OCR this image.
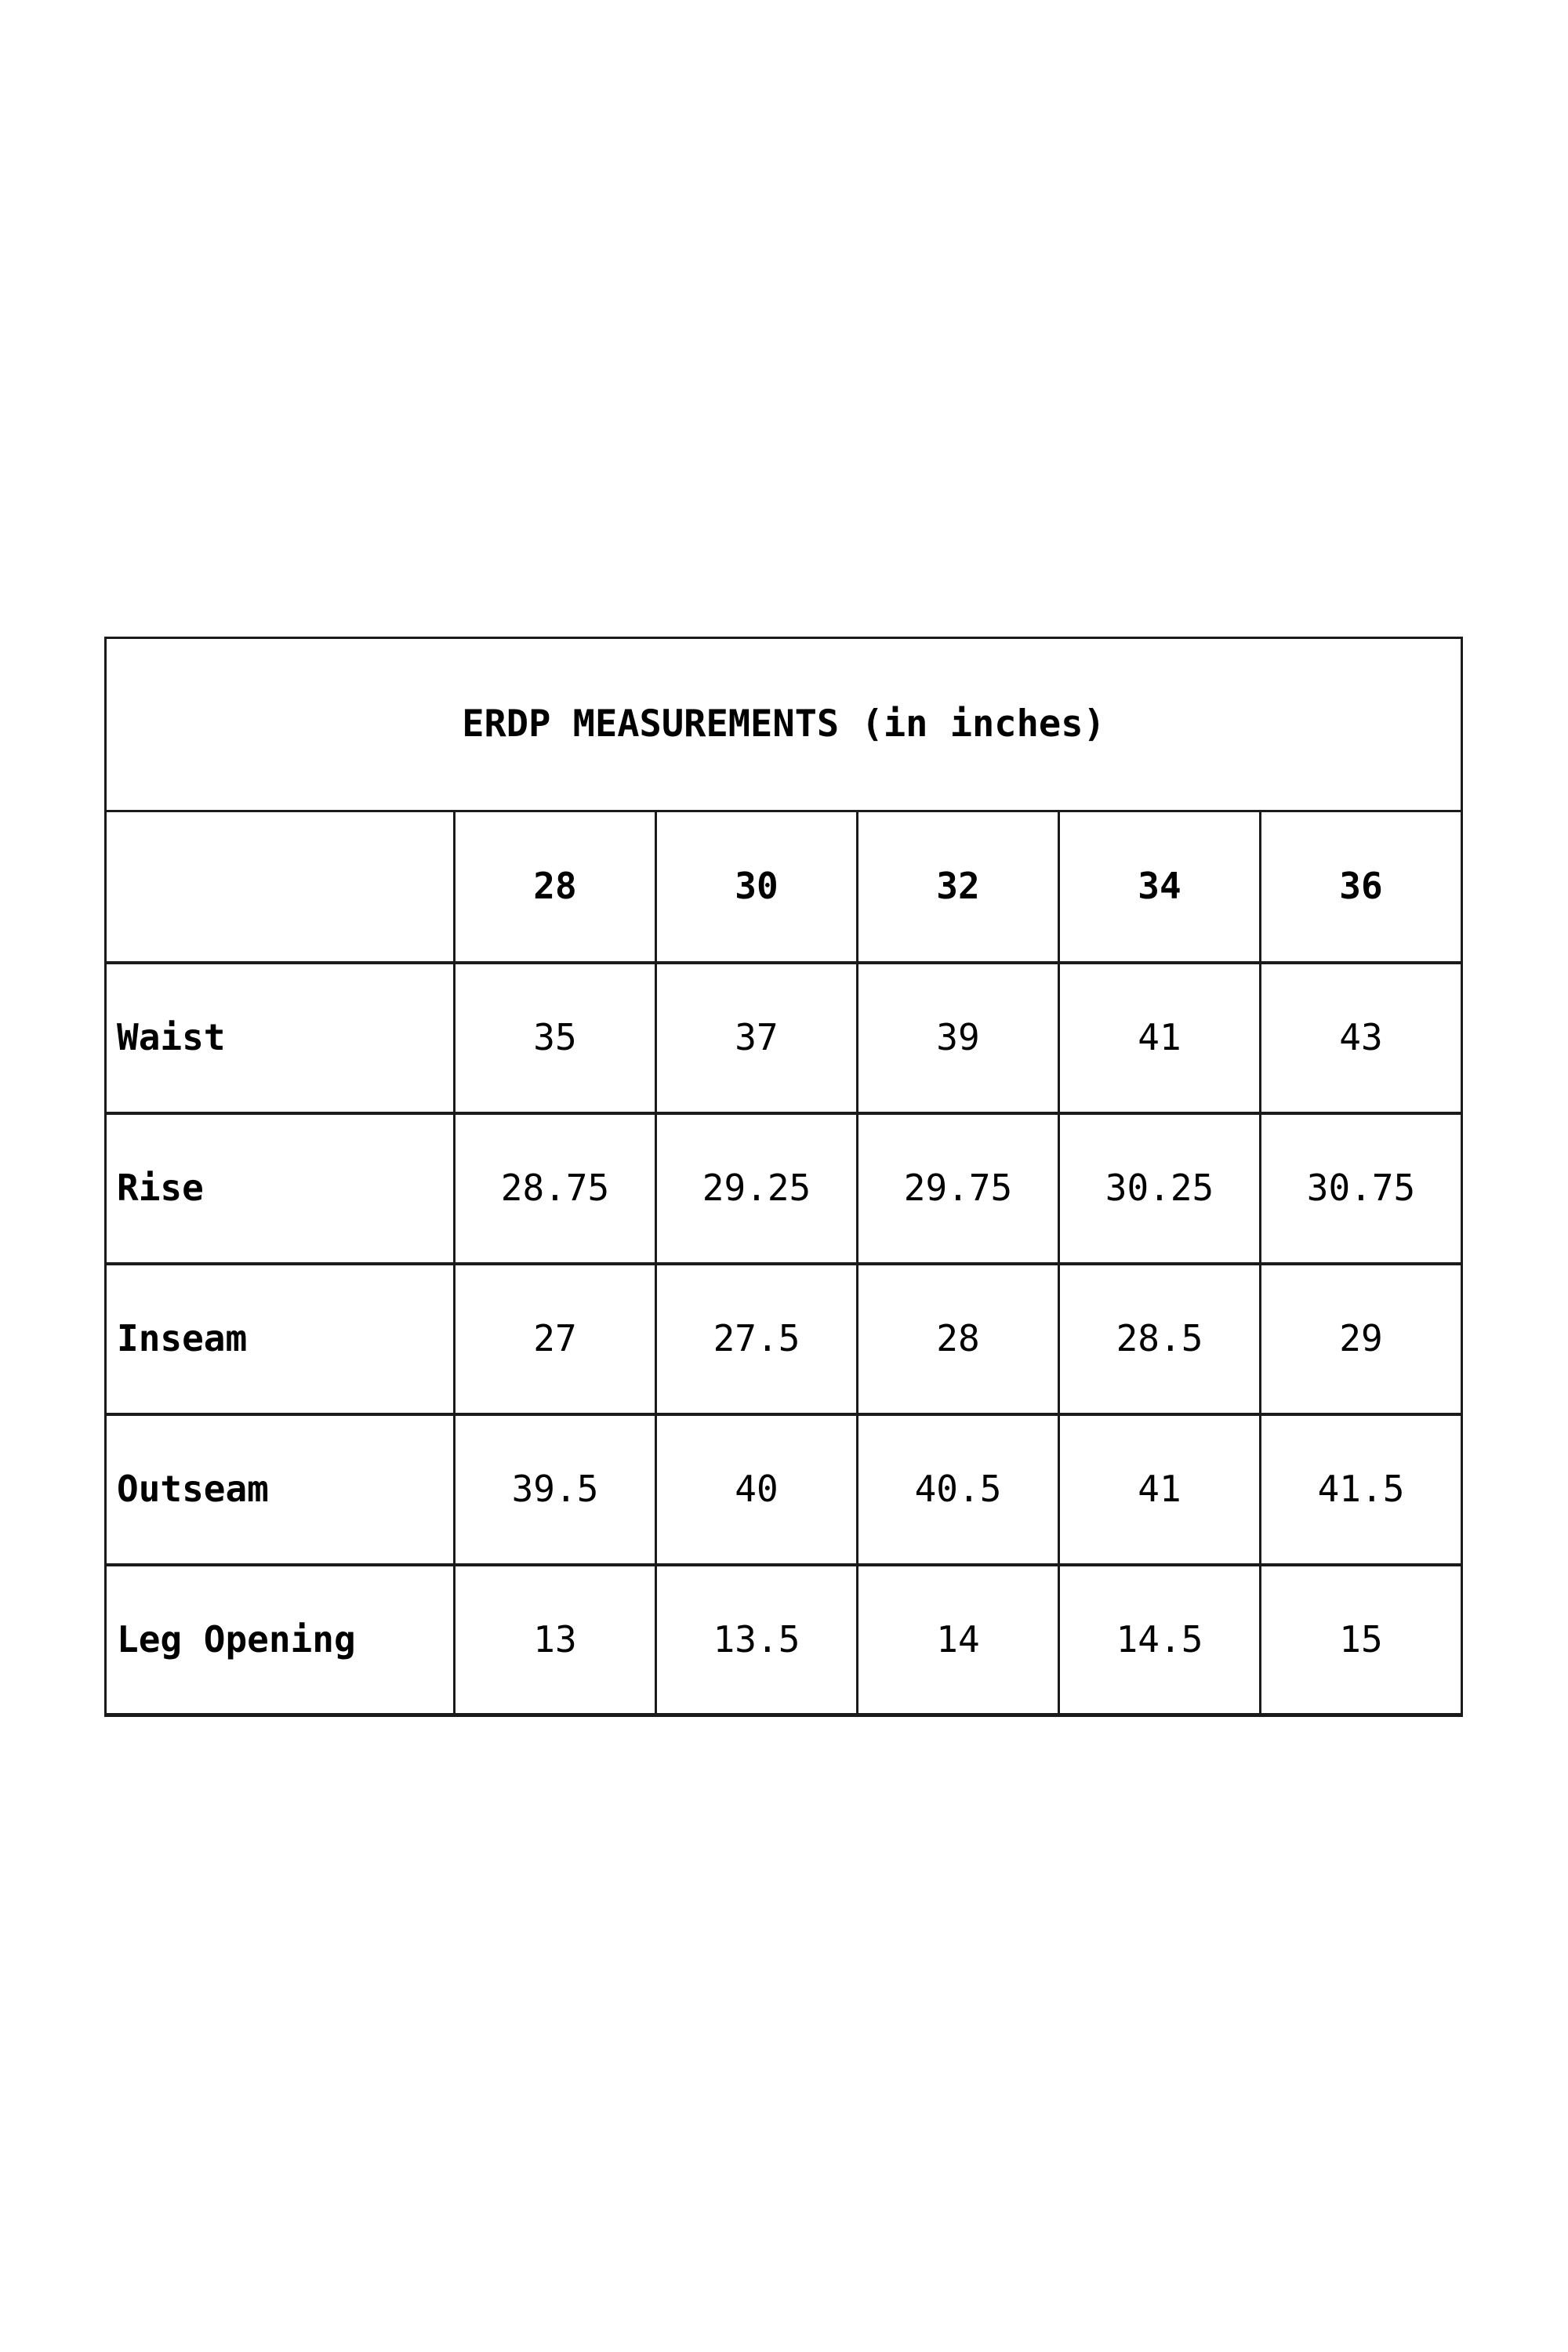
ERDP MEASUREMENTS (in inches)					
	28	30	32	34	36
Waist	35	37	39	41	43
Rise	28.75	29.25	29.75	30.25	30.75
Inseam	27	27.5	28	28.5	29
Outseam	39.5	40	40.5	41	41.5
Leg Opening	13	13.5	14	14.5	15
